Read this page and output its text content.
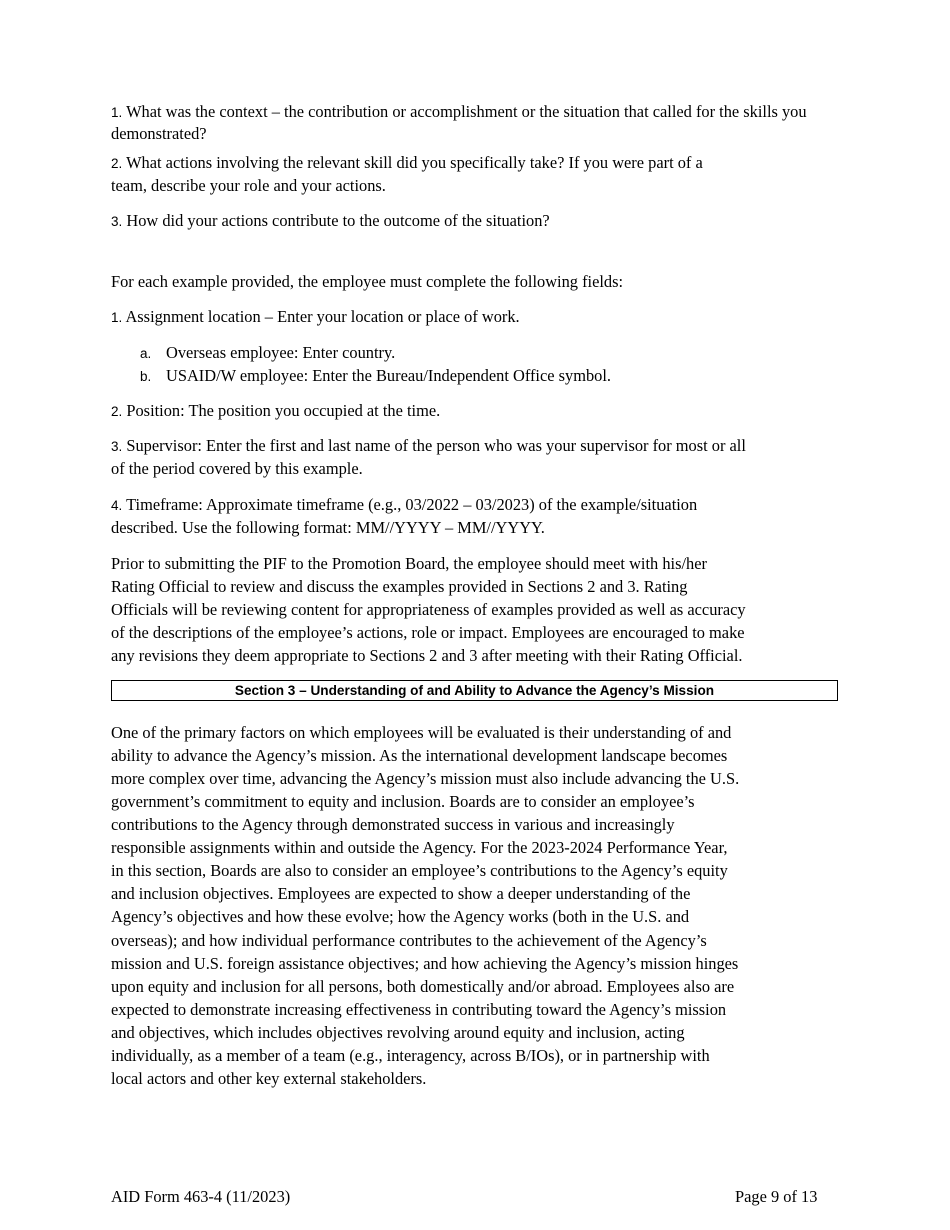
1. What was the context – the contribution or accomplishment or the situation that called for the skills you
demonstrated?
2. What actions involving the relevant skill did you specifically take? If you were part of a
team, describe your role and your actions.
3. How did your actions contribute to the outcome of the situation?
For each example provided, the employee must complete the following fields:
1. Assignment location – Enter your location or place of work.
a. Overseas employee: Enter country.
b. USAID/W employee: Enter the Bureau/Independent Office symbol.
2. Position: The position you occupied at the time.
3. Supervisor: Enter the first and last name of the person who was your supervisor for most or all
of the period covered by this example.
4. Timeframe: Approximate timeframe (e.g., 03/2022 – 03/2023) of the example/situation
described. Use the following format: MM//YYYY – MM//YYYY.
Prior to submitting the PIF to the Promotion Board, the employee should meet with his/her
Rating Official to review and discuss the examples provided in Sections 2 and 3. Rating
Officials will be reviewing content for appropriateness of examples provided as well as accuracy
of the descriptions of the employee’s actions, role or impact. Employees are encouraged to make
any revisions they deem appropriate to Sections 2 and 3 after meeting with their Rating Official.
Section 3 – Understanding of and Ability to Advance the Agency’s Mission
One of the primary factors on which employees will be evaluated is their understanding of and
ability to advance the Agency’s mission. As the international development landscape becomes
more complex over time, advancing the Agency’s mission must also include advancing the U.S.
government’s commitment to equity and inclusion. Boards are to consider an employee’s
contributions to the Agency through demonstrated success in various and increasingly
responsible assignments within and outside the Agency. For the 2023-2024 Performance Year,
in this section, Boards are also to consider an employee’s contributions to the Agency’s equity
and inclusion objectives. Employees are expected to show a deeper understanding of the
Agency’s objectives and how these evolve; how the Agency works (both in the U.S. and
overseas); and how individual performance contributes to the achievement of the Agency’s
mission and U.S. foreign assistance objectives; and how achieving the Agency’s mission hinges
upon equity and inclusion for all persons, both domestically and/or abroad. Employees also are
expected to demonstrate increasing effectiveness in contributing toward the Agency’s mission
and objectives, which includes objectives revolving around equity and inclusion, acting
individually, as a member of a team (e.g., interagency, across B/IOs), or in partnership with
local actors and other key external stakeholders.
AID Form 463-4 (11/2023)	Page 9 of 13
